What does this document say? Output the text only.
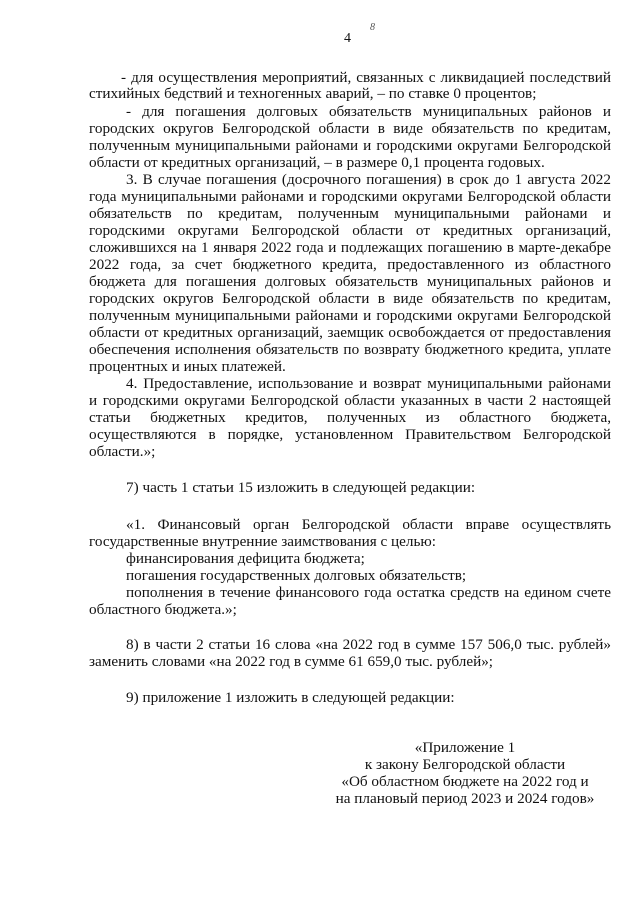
4
8
- для осуществления мероприятий, связанных с ликвидацией последствий
стихийных бедствий и техногенных аварий, – по ставке 0 процентов;
- для погашения долговых обязательств муниципальных районов и
городских округов Белгородской области в виде обязательств по кредитам,
полученным муниципальными районами и городскими округами Белгородской
области от кредитных организаций, – в размере 0,1 процента годовых.
3. В случае погашения (досрочного погашения) в срок до 1 августа 2022
года муниципальными районами и городскими округами Белгородской области
обязательств по кредитам, полученным муниципальными районами и
городскими округами Белгородской области от кредитных организаций,
сложившихся на 1 января 2022 года и подлежащих погашению в марте-декабре
2022 года, за счет бюджетного кредита, предоставленного из областного
бюджета для погашения долговых обязательств муниципальных районов и
городских округов Белгородской области в виде обязательств по кредитам,
полученным муниципальными районами и городскими округами Белгородской
области от кредитных организаций, заемщик освобождается от предоставления
обеспечения исполнения обязательств по возврату бюджетного кредита, уплате
процентных и иных платежей.
4. Предоставление, использование и возврат муниципальными районами
и городскими округами Белгородской области указанных в части 2 настоящей
статьи бюджетных кредитов, полученных из областного бюджета,
осуществляются в порядке, установленном Правительством Белгородской
области.»;
7) часть 1 статьи 15 изложить в следующей редакции:
«1. Финансовый орган Белгородской области вправе осуществлять
государственные внутренние заимствования с целью:
финансирования дефицита бюджета;
погашения государственных долговых обязательств;
пополнения в течение финансового года остатка средств на едином счете
областного бюджета.»;
8) в части 2 статьи 16 слова «на 2022 год в сумме 157 506,0 тыс. рублей»
заменить словами «на 2022 год в сумме 61 659,0 тыс. рублей»;
9) приложение 1 изложить в следующей редакции:
«Приложение 1
к закону Белгородской области
«Об областном бюджете на 2022 год и
на плановый период 2023 и 2024 годов»
